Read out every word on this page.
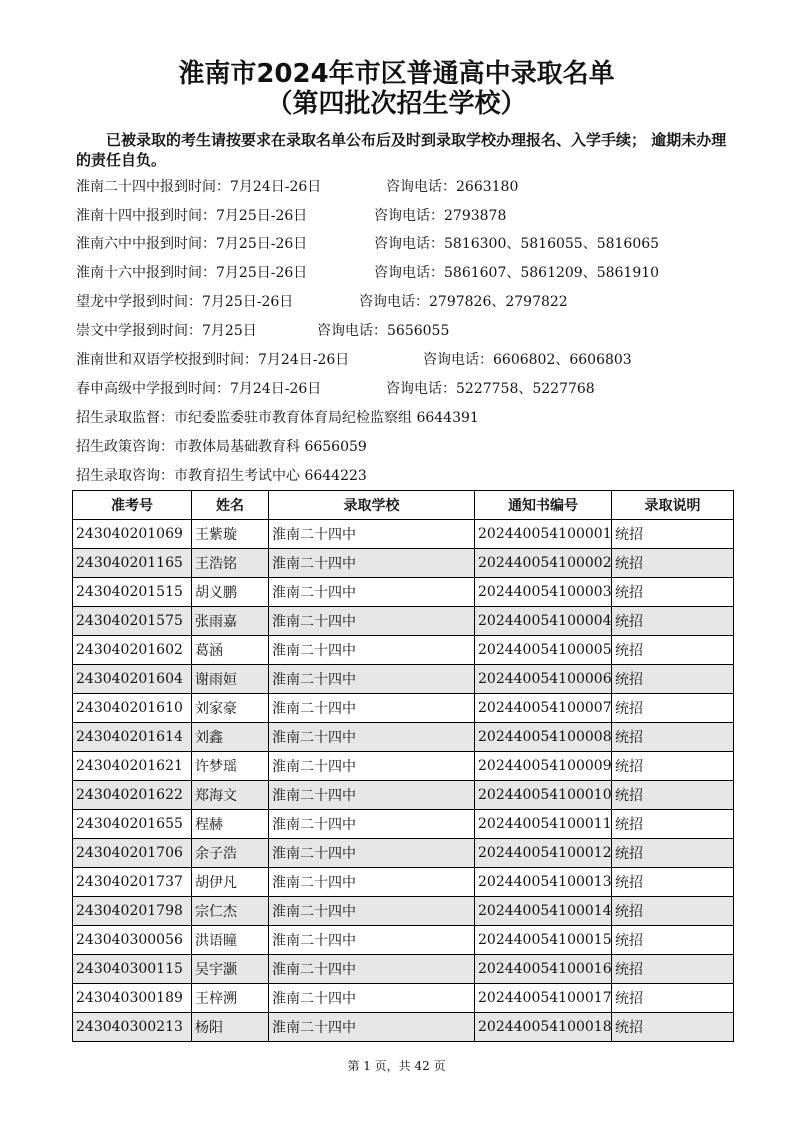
淮南市2024年市区普通高中录取名单
（第四批次招生学校）
已被录取的考生请按要求在录取名单公布后及时到录取学校办理报名、入学手续； 逾期未办理的责任自负。
淮南二十四中报到时间：7月24日-26日	咨询电话：2663180
淮南十四中报到时间：7月25日-26日	咨询电话：2793878
淮南六中中报到时间：7月25日-26日	咨询电话：5816300、5816055、5816065
淮南十六中报到时间：7月25日-26日	咨询电话：5861607、5861209、5861910
望龙中学报到时间：7月25日-26日	咨询电话：2797826、2797822
崇文中学报到时间：7月25日	咨询电话：5656055
淮南世和双语学校报到时间：7月24日-26日	咨询电话：6606802、6606803
春申高级中学报到时间：7月24日-26日	咨询电话：5227758、5227768
招生录取监督：市纪委监委驻市教育体育局纪检监察组 6644391
招生政策咨询：市教体局基础教育科 6656059
招生录取咨询：市教育招生考试中心 6644223
准考号	姓名	录取学校	通知书编号	录取说明
243040201069	王紫璇	淮南二十四中	202440054100001	统招
243040201165	王浩铭	淮南二十四中	202440054100002	统招
243040201515	胡义鹏	淮南二十四中	202440054100003	统招
243040201575	张雨嘉	淮南二十四中	202440054100004	统招
243040201602	葛涵	淮南二十四中	202440054100005	统招
243040201604	谢雨姮	淮南二十四中	202440054100006	统招
243040201610	刘家豪	淮南二十四中	202440054100007	统招
243040201614	刘鑫	淮南二十四中	202440054100008	统招
243040201621	许梦瑶	淮南二十四中	202440054100009	统招
243040201622	郑海文	淮南二十四中	202440054100010	统招
243040201655	程赫	淮南二十四中	202440054100011	统招
243040201706	余子浩	淮南二十四中	202440054100012	统招
243040201737	胡伊凡	淮南二十四中	202440054100013	统招
243040201798	宗仁杰	淮南二十四中	202440054100014	统招
243040300056	洪语瞳	淮南二十四中	202440054100015	统招
243040300115	吴宇灏	淮南二十四中	202440054100016	统招
243040300189	王梓溯	淮南二十四中	202440054100017	统招
243040300213	杨阳	淮南二十四中	202440054100018	统招
第 1 页，共 42 页
